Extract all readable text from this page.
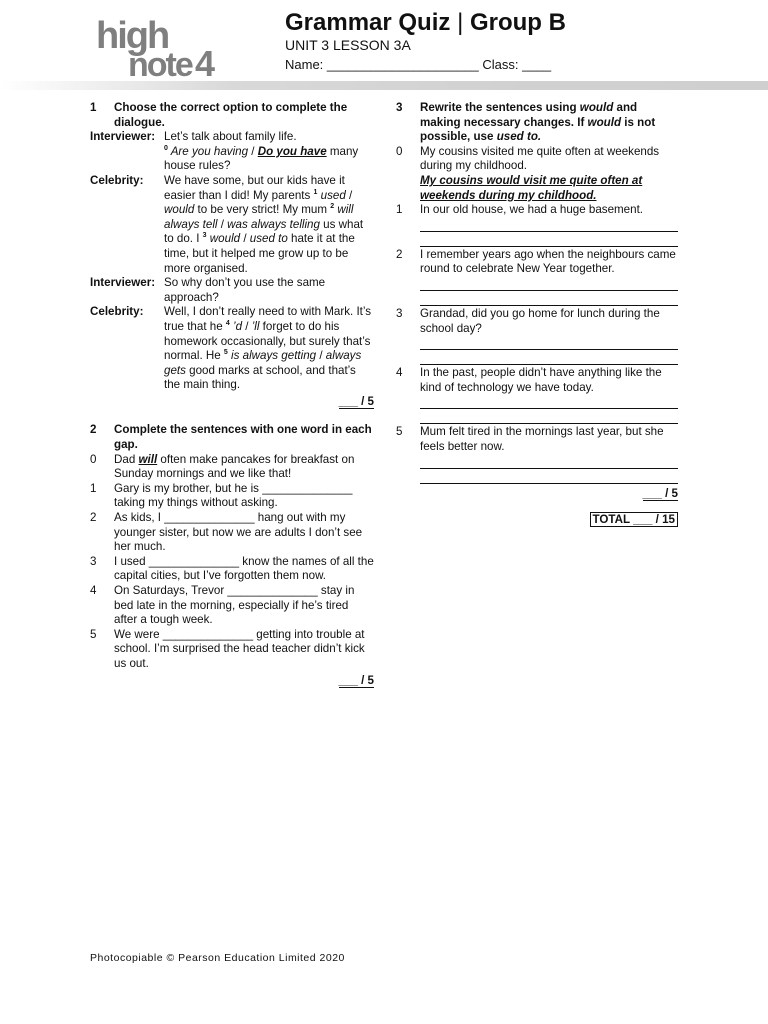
high
note 4
Grammar Quiz | Group B
UNIT 3 LESSON 3A
Name: _____________________ Class: ____
1	Choose the correct option to complete the dialogue.
Interviewer: Let’s talk about family life.
$^0$ Are you having / Do you have many house rules?
Celebrity:	We have some, but our kids have it easier than I did! My parents $^1$ used / would to be very strict! My mum $^2$ will always tell / was always telling us what to do. I $^3$ would / used to hate it at the time, but it helped me grow up to be more organised.
Interviewer: So why don’t you use the same approach?
Celebrity:	Well, I don’t really need to with Mark. It’s true that he $^4$ ’d / ’ll forget to do his homework occasionally, but surely that’s normal. He $^5$ is always getting / always gets good marks at school, and that’s the main thing.
___ / 5
2	Complete the sentences with one word in each gap.
0	Dad will often make pancakes for breakfast on Sunday mornings and we like that!
1	Gary is my brother, but he is ______________ taking my things without asking.
2	As kids, I ______________ hang out with my younger sister, but now we are adults I don’t see her much.
3	I used ______________ know the names of all the capital cities, but I’ve forgotten them now.
4	On Saturdays, Trevor ______________ stay in bed late in the morning, especially if he’s tired after a tough week.
5	We were ______________ getting into trouble at school. I’m surprised the head teacher didn’t kick us out.
___ / 5
3	Rewrite the sentences using would and making necessary changes. If would is not possible, use used to.
0	My cousins visited me quite often at weekends during my childhood.
My cousins would visit me quite often at weekends during my childhood.
1	In our old house, we had a huge basement.
2	I remember years ago when the neighbours came round to celebrate New Year together.
3	Grandad, did you go home for lunch during the school day?
4	In the past, people didn’t have anything like the kind of technology we have today.
5	Mum felt tired in the mornings last year, but she feels better now.
___ / 5
TOTAL ___ / 15
Photocopiable © Pearson Education Limited 2020
